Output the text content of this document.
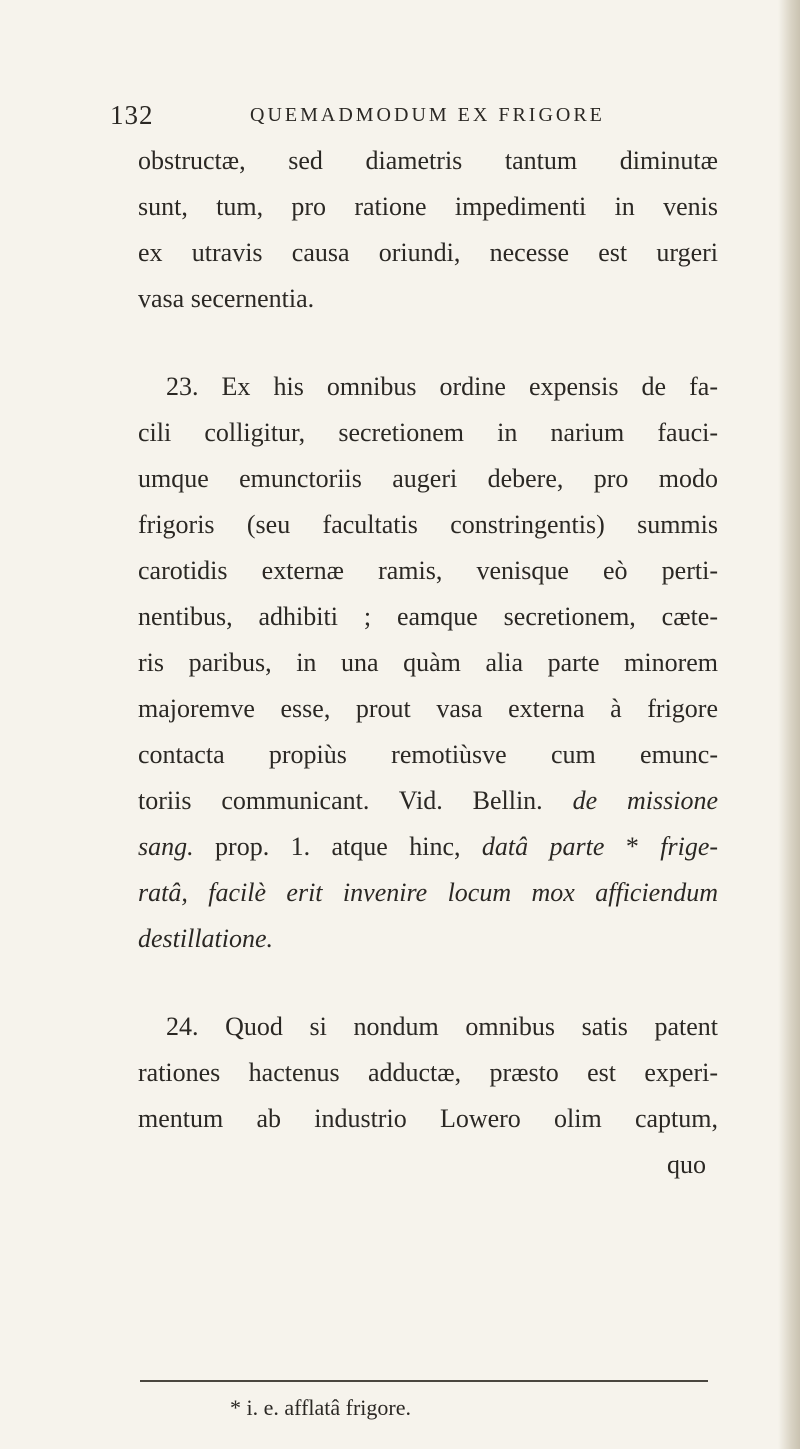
132	QUEMADMODUM EX FRIGORE
obstructæ, sed diametris tantum diminutæ
sunt, tum, pro ratione impedimenti in venis
ex utravis causa oriundi, necesse est urgeri
vasa secernentia.
23. Ex his omnibus ordine expensis de fa-
cili colligitur, secretionem in narium fauci-
umque emunctoriis augeri debere, pro modo
frigoris (seu facultatis constringentis) summis
carotidis externæ ramis, venisque eò perti-
nentibus, adhibiti ; eamque secretionem, cæte-
ris paribus, in una quàm alia parte minorem
majoremve esse, prout vasa externa à frigore
contacta propiùs remotiùsve cum emunc-
toriis communicant. Vid. Bellin. de missione
sang. prop. 1. atque hinc, datâ parte * frige-
ratâ, facilè erit invenire locum mox afficiendum
destillatione.
24. Quod si nondum omnibus satis patent
rationes hactenus adductæ, præsto est experi-
mentum ab industrio Lowero olim captum,
quo
* i. e. afflatâ frigore.
